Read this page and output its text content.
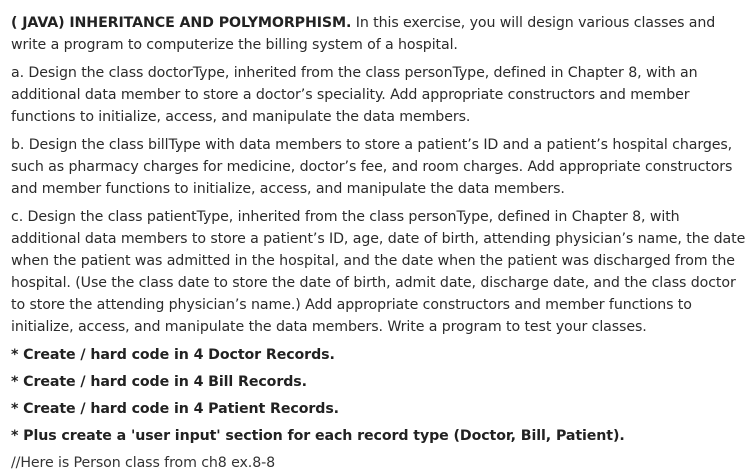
( JAVA) INHERITANCE AND POLYMORPHISM. In this exercise, you will design various classes and write a program to computerize the billing system of a hospital.

a. Design the class doctorType, inherited from the class personType, defined in Chapter 8, with an additional data member to store a doctor’s speciality. Add appropriate constructors and member functions to initialize, access, and manipulate the data members.

b. Design the class billType with data members to store a patient’s ID and a patient’s hospital charges, such as pharmacy charges for medicine, doctor’s fee, and room charges. Add appropriate constructors and member functions to initialize, access, and manipulate the data members.

c. Design the class patientType, inherited from the class personType, defined in Chapter 8, with additional data members to store a patient’s ID, age, date of birth, attending physician’s name, the date when the patient was admitted in the hospital, and the date when the patient was discharged from the hospital. (Use the class date to store the date of birth, admit date, discharge date, and the class doctor to store the attending physician’s name.) Add appropriate constructors and member functions to initialize, access, and manipulate the data members. Write a program to test your classes.

* Create / hard code in 4 Doctor Records.

* Create / hard code in 4 Bill Records.

* Create / hard code in 4 Patient Records.

* Plus create a 'user input' section for each record type (Doctor, Bill, Patient).

//Here is Person class from ch8 ex.8-8
